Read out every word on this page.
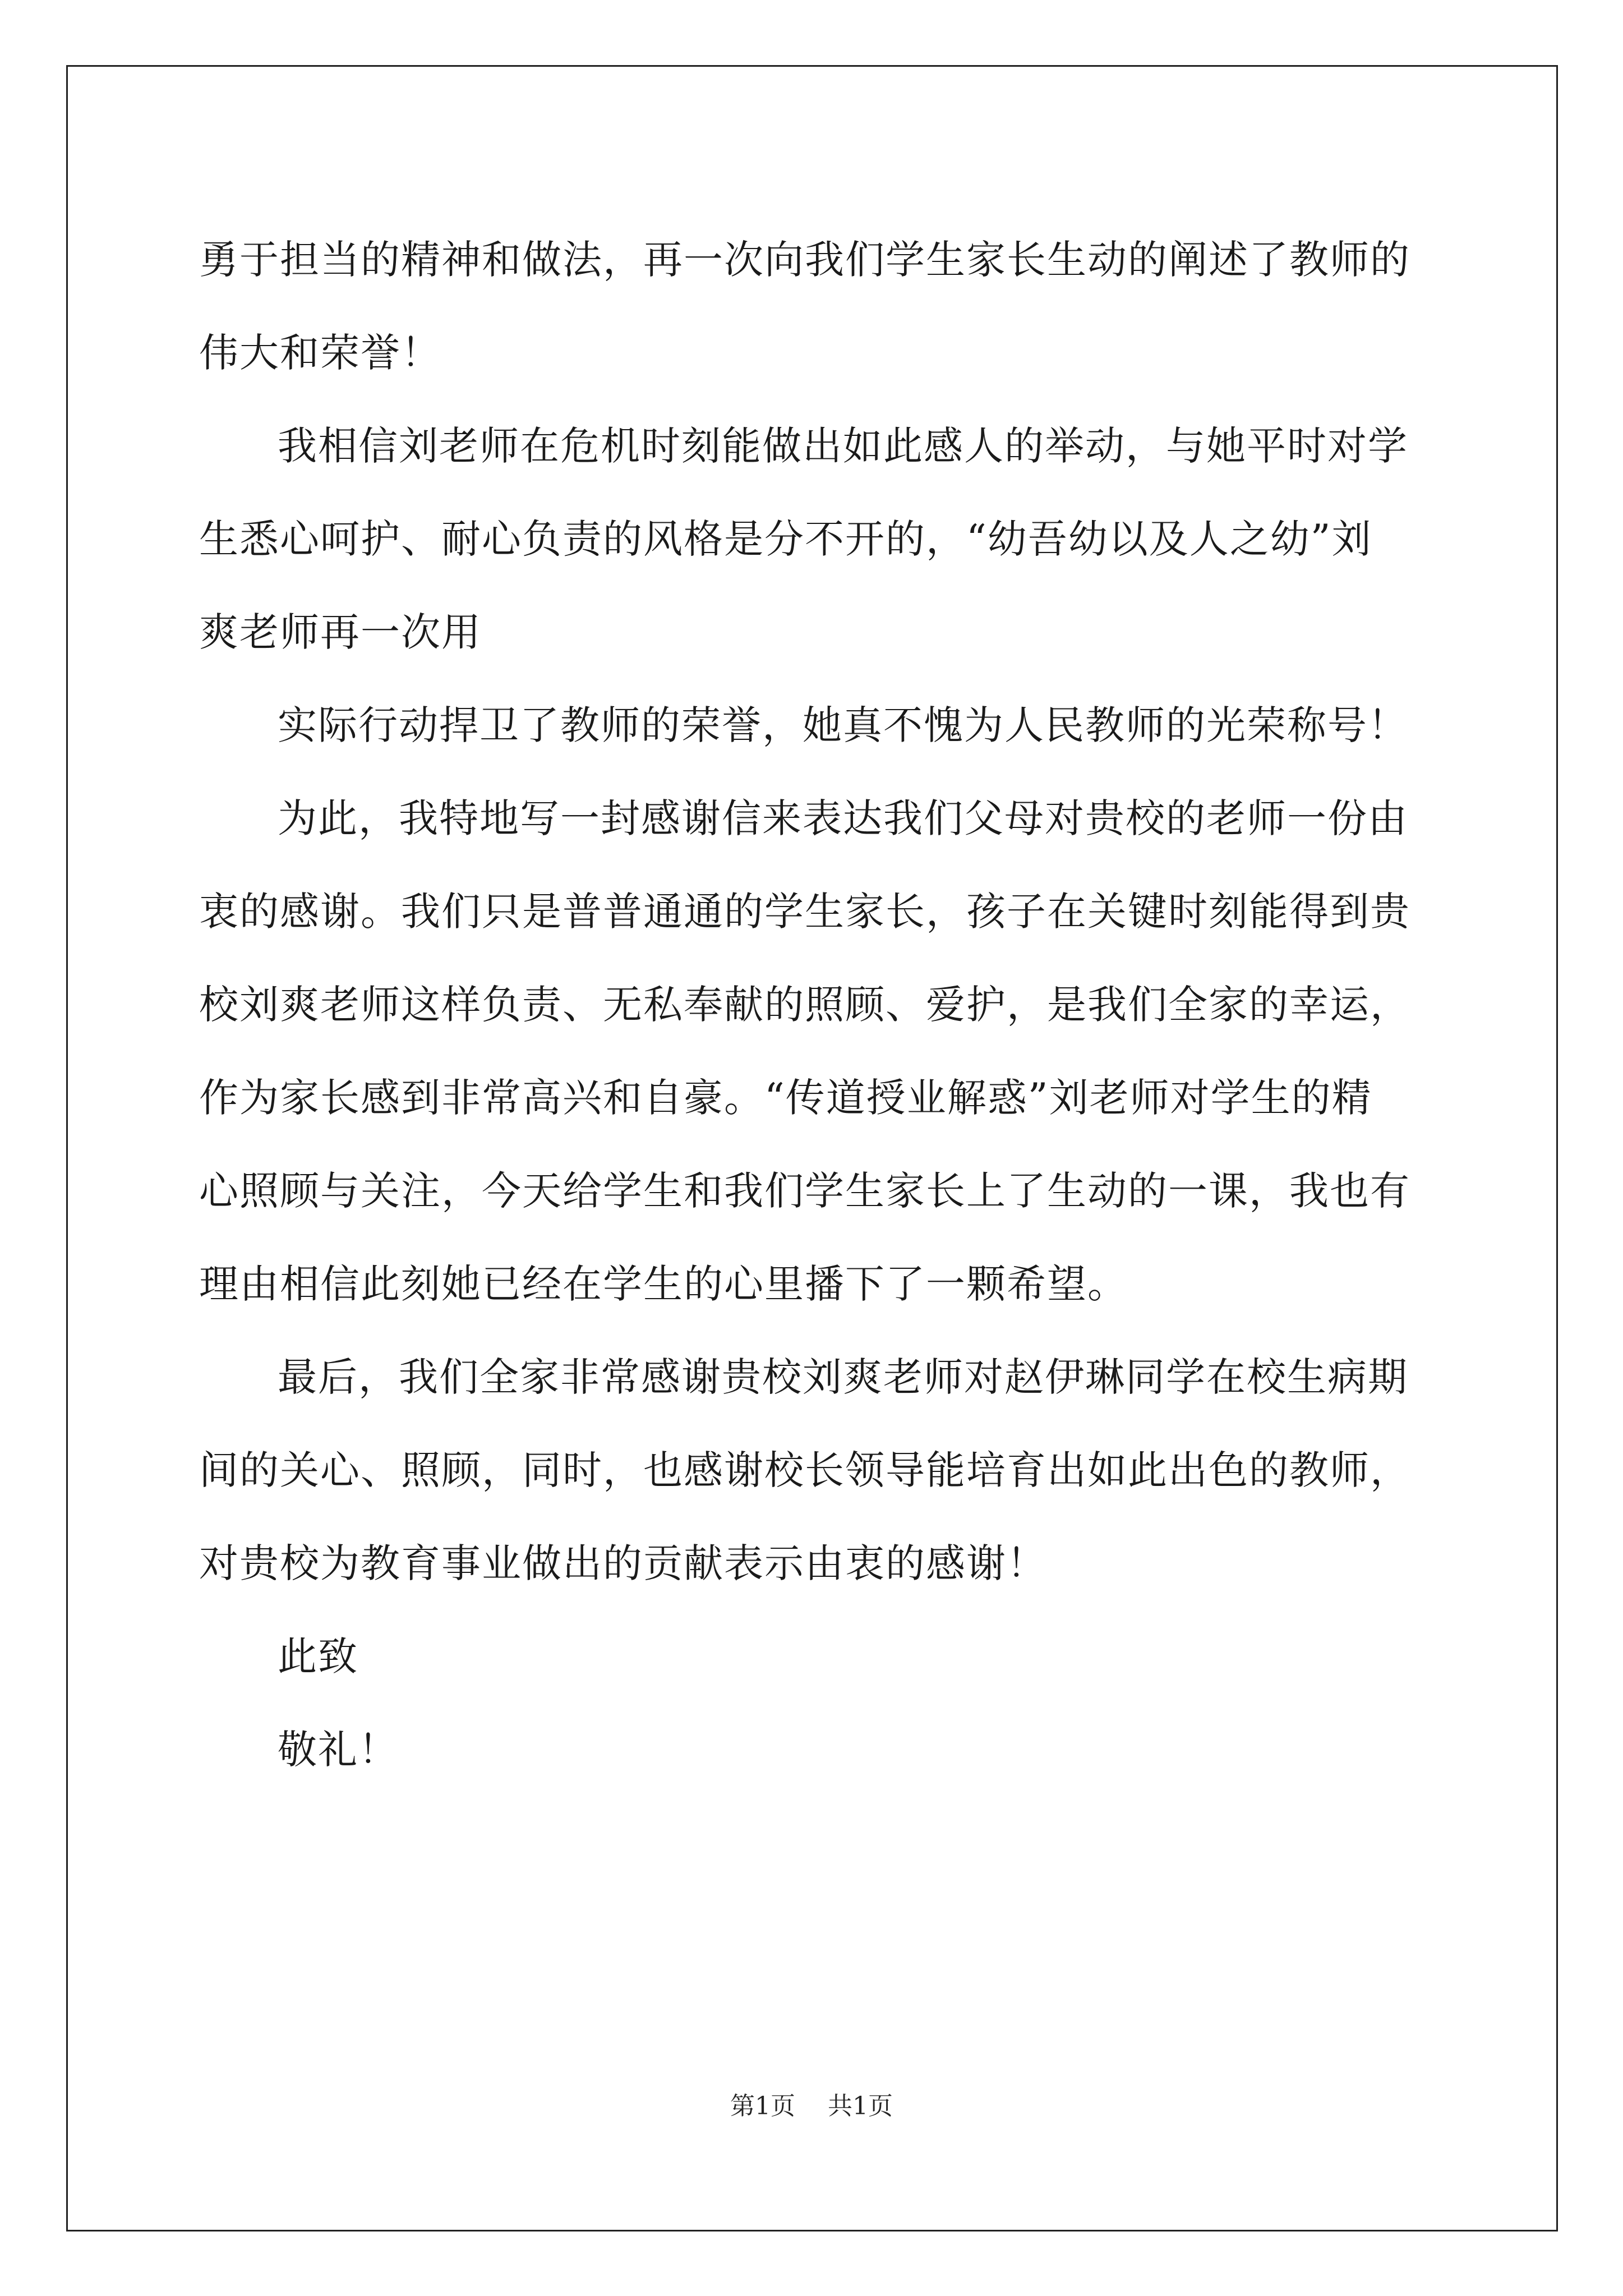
勇于担当的精神和做法，再一次向我们学生家长生动的阐述了教师的
伟大和荣誉！
我相信刘老师在危机时刻能做出如此感人的举动，与她平时对学
生悉心呵护、耐心负责的风格是分不开的，“幼吾幼以及人之幼”刘
爽老师再一次用
实际行动捍卫了教师的荣誉，她真不愧为人民教师的光荣称号！
为此，我特地写一封感谢信来表达我们父母对贵校的老师一份由
衷的感谢。我们只是普普通通的学生家长，孩子在关键时刻能得到贵
校刘爽老师这样负责、无私奉献的照顾、爱护，是我们全家的幸运，
作为家长感到非常高兴和自豪。“传道授业解惑”刘老师对学生的精
心照顾与关注，今天给学生和我们学生家长上了生动的一课，我也有
理由相信此刻她已经在学生的心里播下了一颗希望。
最后，我们全家非常感谢贵校刘爽老师对赵伊琳同学在校生病期
间的关心、照顾，同时，也感谢校长领导能培育出如此出色的教师，
对贵校为教育事业做出的贡献表示由衷的感谢！
此致
敬礼！
第1页 共1页
